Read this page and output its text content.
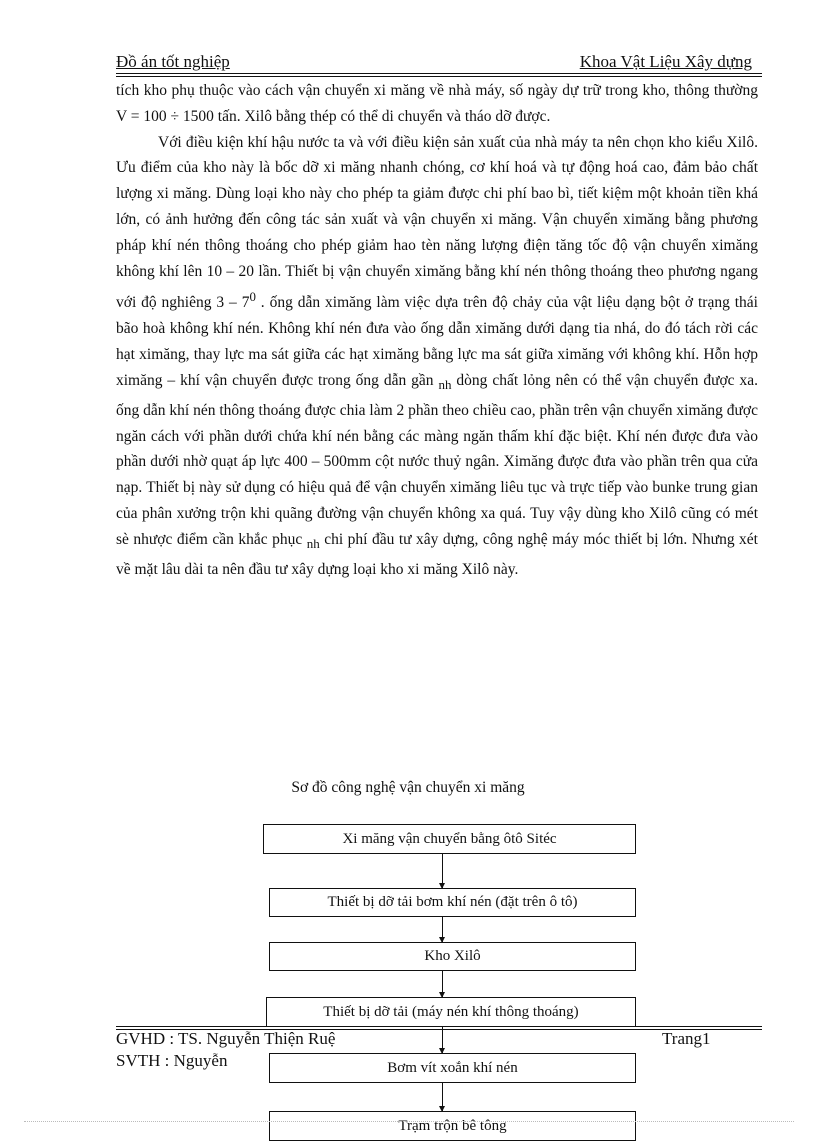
Đồ án tốt nghiệp	Khoa Vật Liệu Xây dựng

tích kho phụ thuộc vào cách vận chuyển xi măng về nhà máy, số ngày dự trữ trong kho, thông thường V = 100 ÷ 1500 tấn. Xilô bằng thép có thể di chuyển và tháo dỡ được.

Với điều kiện khí hậu nước ta và với điều kiện sản xuất của nhà máy ta nên chọn kho kiểu Xilô. Ưu điểm của kho này là bốc dỡ xi măng nhanh chóng, cơ khí hoá và tự động hoá cao, đảm bảo chất lượng xi măng. Dùng loại kho này cho phép ta giảm được chi phí bao bì, tiết kiệm một khoản tiền khá lớn, có ảnh hưởng đến công tác sản xuất và vận chuyển xi măng. Vận chuyển ximăng bằng phương pháp khí nén thông thoáng cho phép giảm hao tèn năng lượng điện tăng tốc độ vận chuyển ximăng không khí lên 10 – 20 lần. Thiết bị vận chuyển ximăng bằng khí nén thông thoáng theo phương ngang với độ nghiêng $3 - 7^0$ . ống dẫn ximăng làm việc dựa trên độ chảy của vật liệu dạng bột ở trạng thái bão hoà không khí nén. Không khí nén đưa vào ống dẫn ximăng dưới dạng tia nhá, do đó tách rời các hạt ximăng, thay lực ma sát giữa các hạt ximăng bằng lực ma sát giữa ximăng với không khí. Hỗn hợp ximăng – khí vận chuyển được trong ống dẫn gần $_{nh}$ dòng chất lỏng nên có thể vận chuyển được xa. ống dẫn khí nén thông thoáng được chia làm 2 phần theo chiều cao, phần trên vận chuyển ximăng được ngăn cách với phần dưới chứa khí nén bằng các màng ngăn thấm khí đặc biệt. Khí nén được đưa vào phần dưới nhờ quạt áp lực 400 – 500mm cột nước thuỷ ngân. Ximăng được đưa vào phần trên qua cửa nạp. Thiết bị này sử dụng có hiệu quả để vận chuyển ximăng liêu tục và trực tiếp vào bunke trung gian của phân xưởng trộn khi quãng đường vận chuyển không xa quá. Tuy vậy dùng kho Xilô cũng có mét sè nhược điểm cần khắc phục $_{nh}$ chi phí đầu tư xây dựng, công nghệ máy móc thiết bị lớn. Nhưng xét về mặt lâu dài ta nên đầu tư xây dựng loại kho xi măng Xilô này.

Sơ đồ công nghệ vận chuyển xi măng
Xi măng vận chuyển bằng ôtô Sitéc
Thiết bị dỡ tải bơm khí nén (đặt trên ô tô)
Kho Xilô
Thiết bị dỡ tải (máy nén khí thông thoáng)
Bơm vít xoắn khí nén
Trạm trộn bê tông
GVHD : TS. Nguyễn Thiện Ruệ	Trang1
SVTH : Nguyễn
